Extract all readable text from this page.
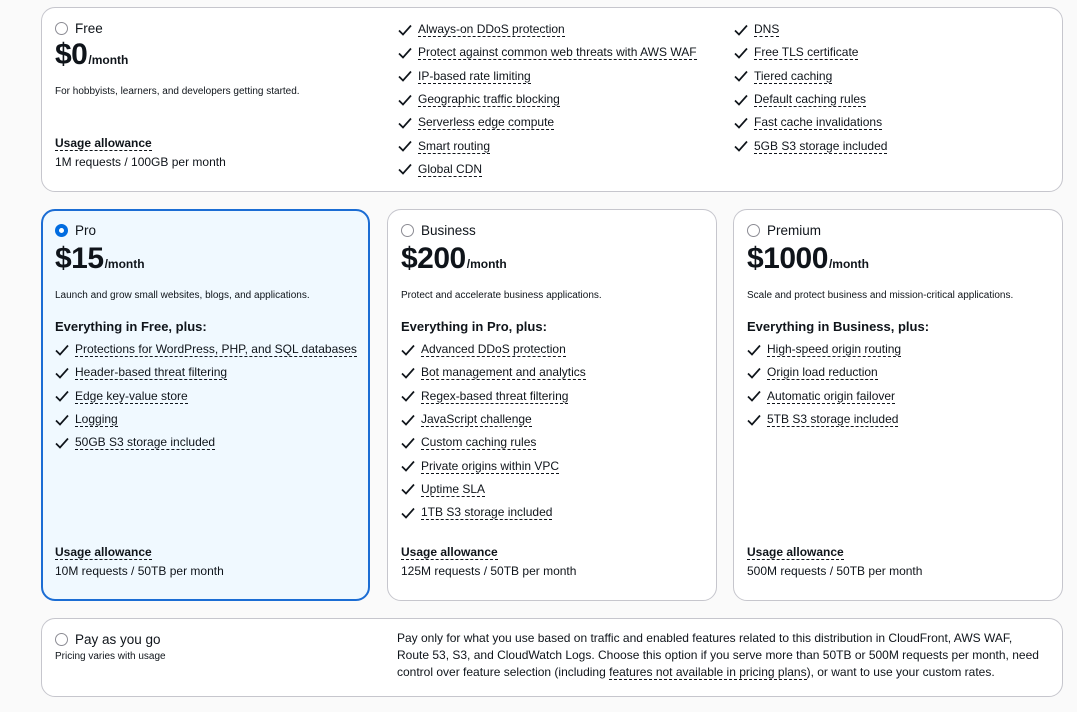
Free
$0 /month
For hobbyists, learners, and developers getting started.
Usage allowance
1M requests / 100GB per month
Always-on DDoS protection
Protect against common web threats with AWS WAF
IP-based rate limiting
Geographic traffic blocking
Serverless edge compute
Smart routing
Global CDN
DNS
Free TLS certificate
Tiered caching
Default caching rules
Fast cache invalidations
5GB S3 storage included
Pro
$15 /month
Launch and grow small websites, blogs, and applications.
Everything in Free, plus:
Protections for WordPress, PHP, and SQL databases
Header-based threat filtering
Edge key-value store
Logging
50GB S3 storage included
Usage allowance
10M requests / 50TB per month
Business
$200 /month
Protect and accelerate business applications.
Everything in Pro, plus:
Advanced DDoS protection
Bot management and analytics
Regex-based threat filtering
JavaScript challenge
Custom caching rules
Private origins within VPC
Uptime SLA
1TB S3 storage included
Usage allowance
125M requests / 50TB per month
Premium
$1000 /month
Scale and protect business and mission-critical applications.
Everything in Business, plus:
High-speed origin routing
Origin load reduction
Automatic origin failover
5TB S3 storage included
Usage allowance
500M requests / 50TB per month
Pay as you go
Pricing varies with usage
Pay only for what you use based on traffic and enabled features related to this distribution in CloudFront, AWS WAF, Route 53, S3, and CloudWatch Logs. Choose this option if you serve more than 50TB or 500M requests per month, need control over feature selection (including features not available in pricing plans), or want to use your custom rates.
